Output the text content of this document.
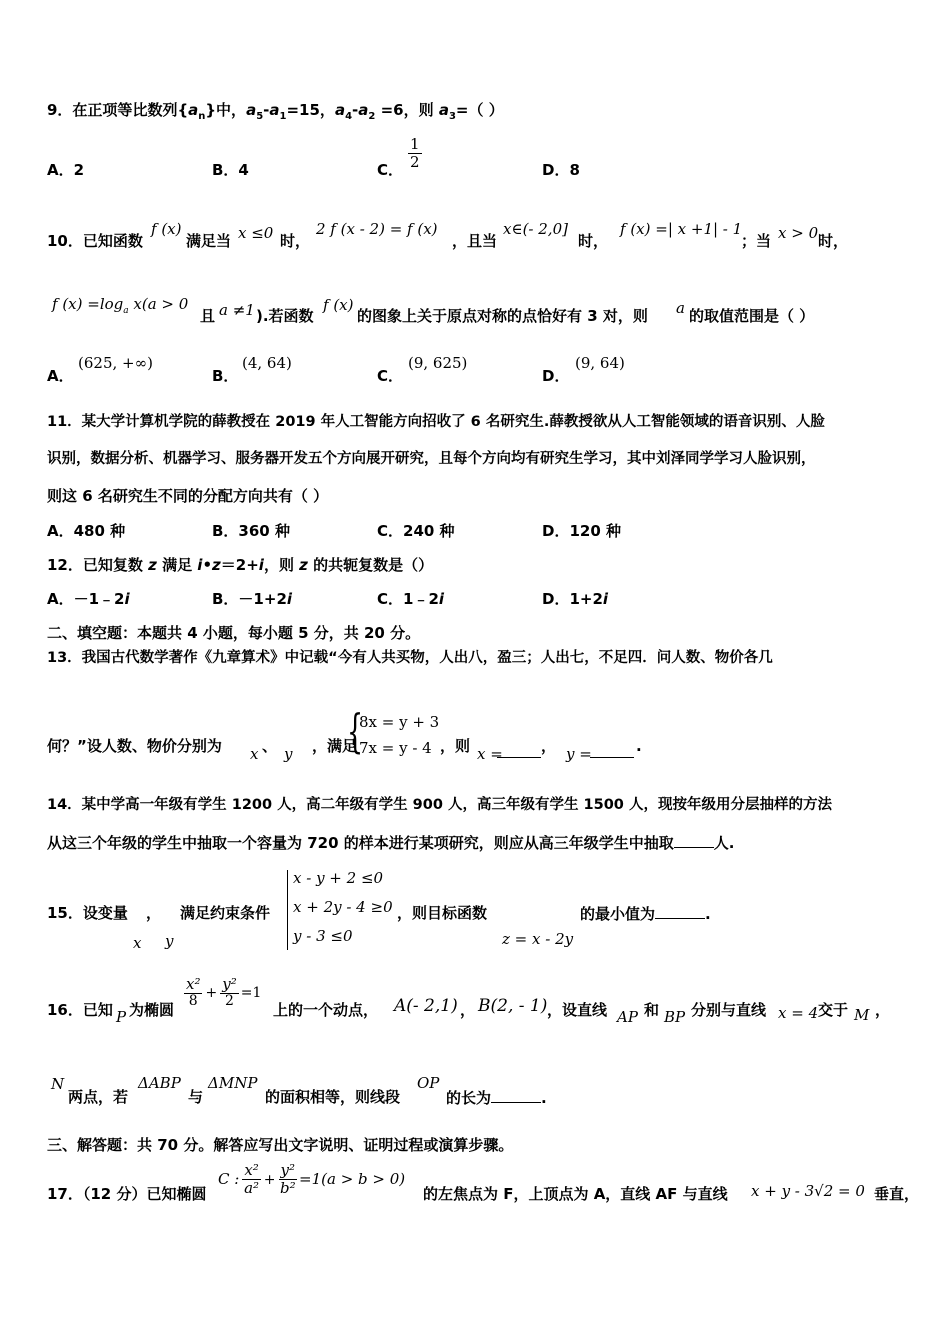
9．在正项等比数列$\{a_n\}$中，$a_5-a_1=15$，$a_4-a_2 =6$，则 $a_3=$（ ）
A．2	B．4	C． $\frac{1}{2}$	D．8
10．已知函数
f (x)
满足当 x ≤0 时，
2 f (x - 2) = f (x)
，且当
x∈(- 2,0]
时，
f (x) =| x +1| - 1
；当 x > 0 时，
f $(x) =\log_a$ x(a > 0
且 a ≠1 ).若函数
f (x)
的图象上关于原点对称的点恰好有 3 对，则 a 的取值范围是（ ）
A．
(625, +∞)
B．
(4, 64)
C．
(9, 625)
D．
(9, 64)
11．某大学计算机学院的薛教授在 2019 年人工智能方向招收了 6 名研究生.薛教授欲从人工智能领域的语音识别、人脸
识别，数据分析、机器学习、服务器开发五个方向展开研究，且每个方向均有研究生学习，其中刘泽同学学习人脸识别，
则这 6 名研究生不同的分配方向共有（ ）
A．480 种	B．360 种	C．240 种	D．120 种
12．已知复数 z 满足 i•z＝2+i，则 z 的共轭复数是（）
A．－1﹣2i	B．－1+2i	C．1﹣2i	D．1+2i
二、填空题：本题共 4 小题，每小题 5 分，共 20 分。
13．我国古代数学著作《九章算术》中记载“今有人共买物，人出八，盈三；人出七，不足四．问人数、物价各几
何？”设人数、物价分别为 x 、 y ，满足
{
8x = y + 3
7x = y - 4 ，则 x =	， y =	.
14．某中学高一年级有学生 1200 人，高二年级有学生 900 人，高三年级有学生 1500 人，现按年级用分层抽样的方法
从这三个年级的学生中抽取一个容量为 720 的样本进行某项研究，则应从高三年级学生中抽取	人.
15．设变量 ， 满足约束条件
x y
x - y + 2 ≤0
x + 2y - 4 ≥0
y - 3 ≤0
，则目标函数
z = x - 2y
的最小值为	.
16．已知 P 为椭圆
$\frac{\text{x²}}{8} + \frac{\text{y²}}{2} =1$
上的一个动点， A(- 2,1) ， B(2, - 1) ，设直线 AP 和 BP 分别与直线 x = 4 交于 M ，
N
两点，若
ΔABP
与
ΔMNP
的面积相等，则线段
OP
的长为	.
三、解答题：共 70 分。解答应写出文字说明、证明过程或演算步骤。
17．（12 分）已知椭圆
C : $\frac{\text{x²}}{\text{a²}} + \frac{\text{y²}}{\text{b²}} =1(a > b > 0)$
的左焦点为 F，上顶点为 A，直线 AF 与直线 x + y - 3√2 = 0 垂直，
